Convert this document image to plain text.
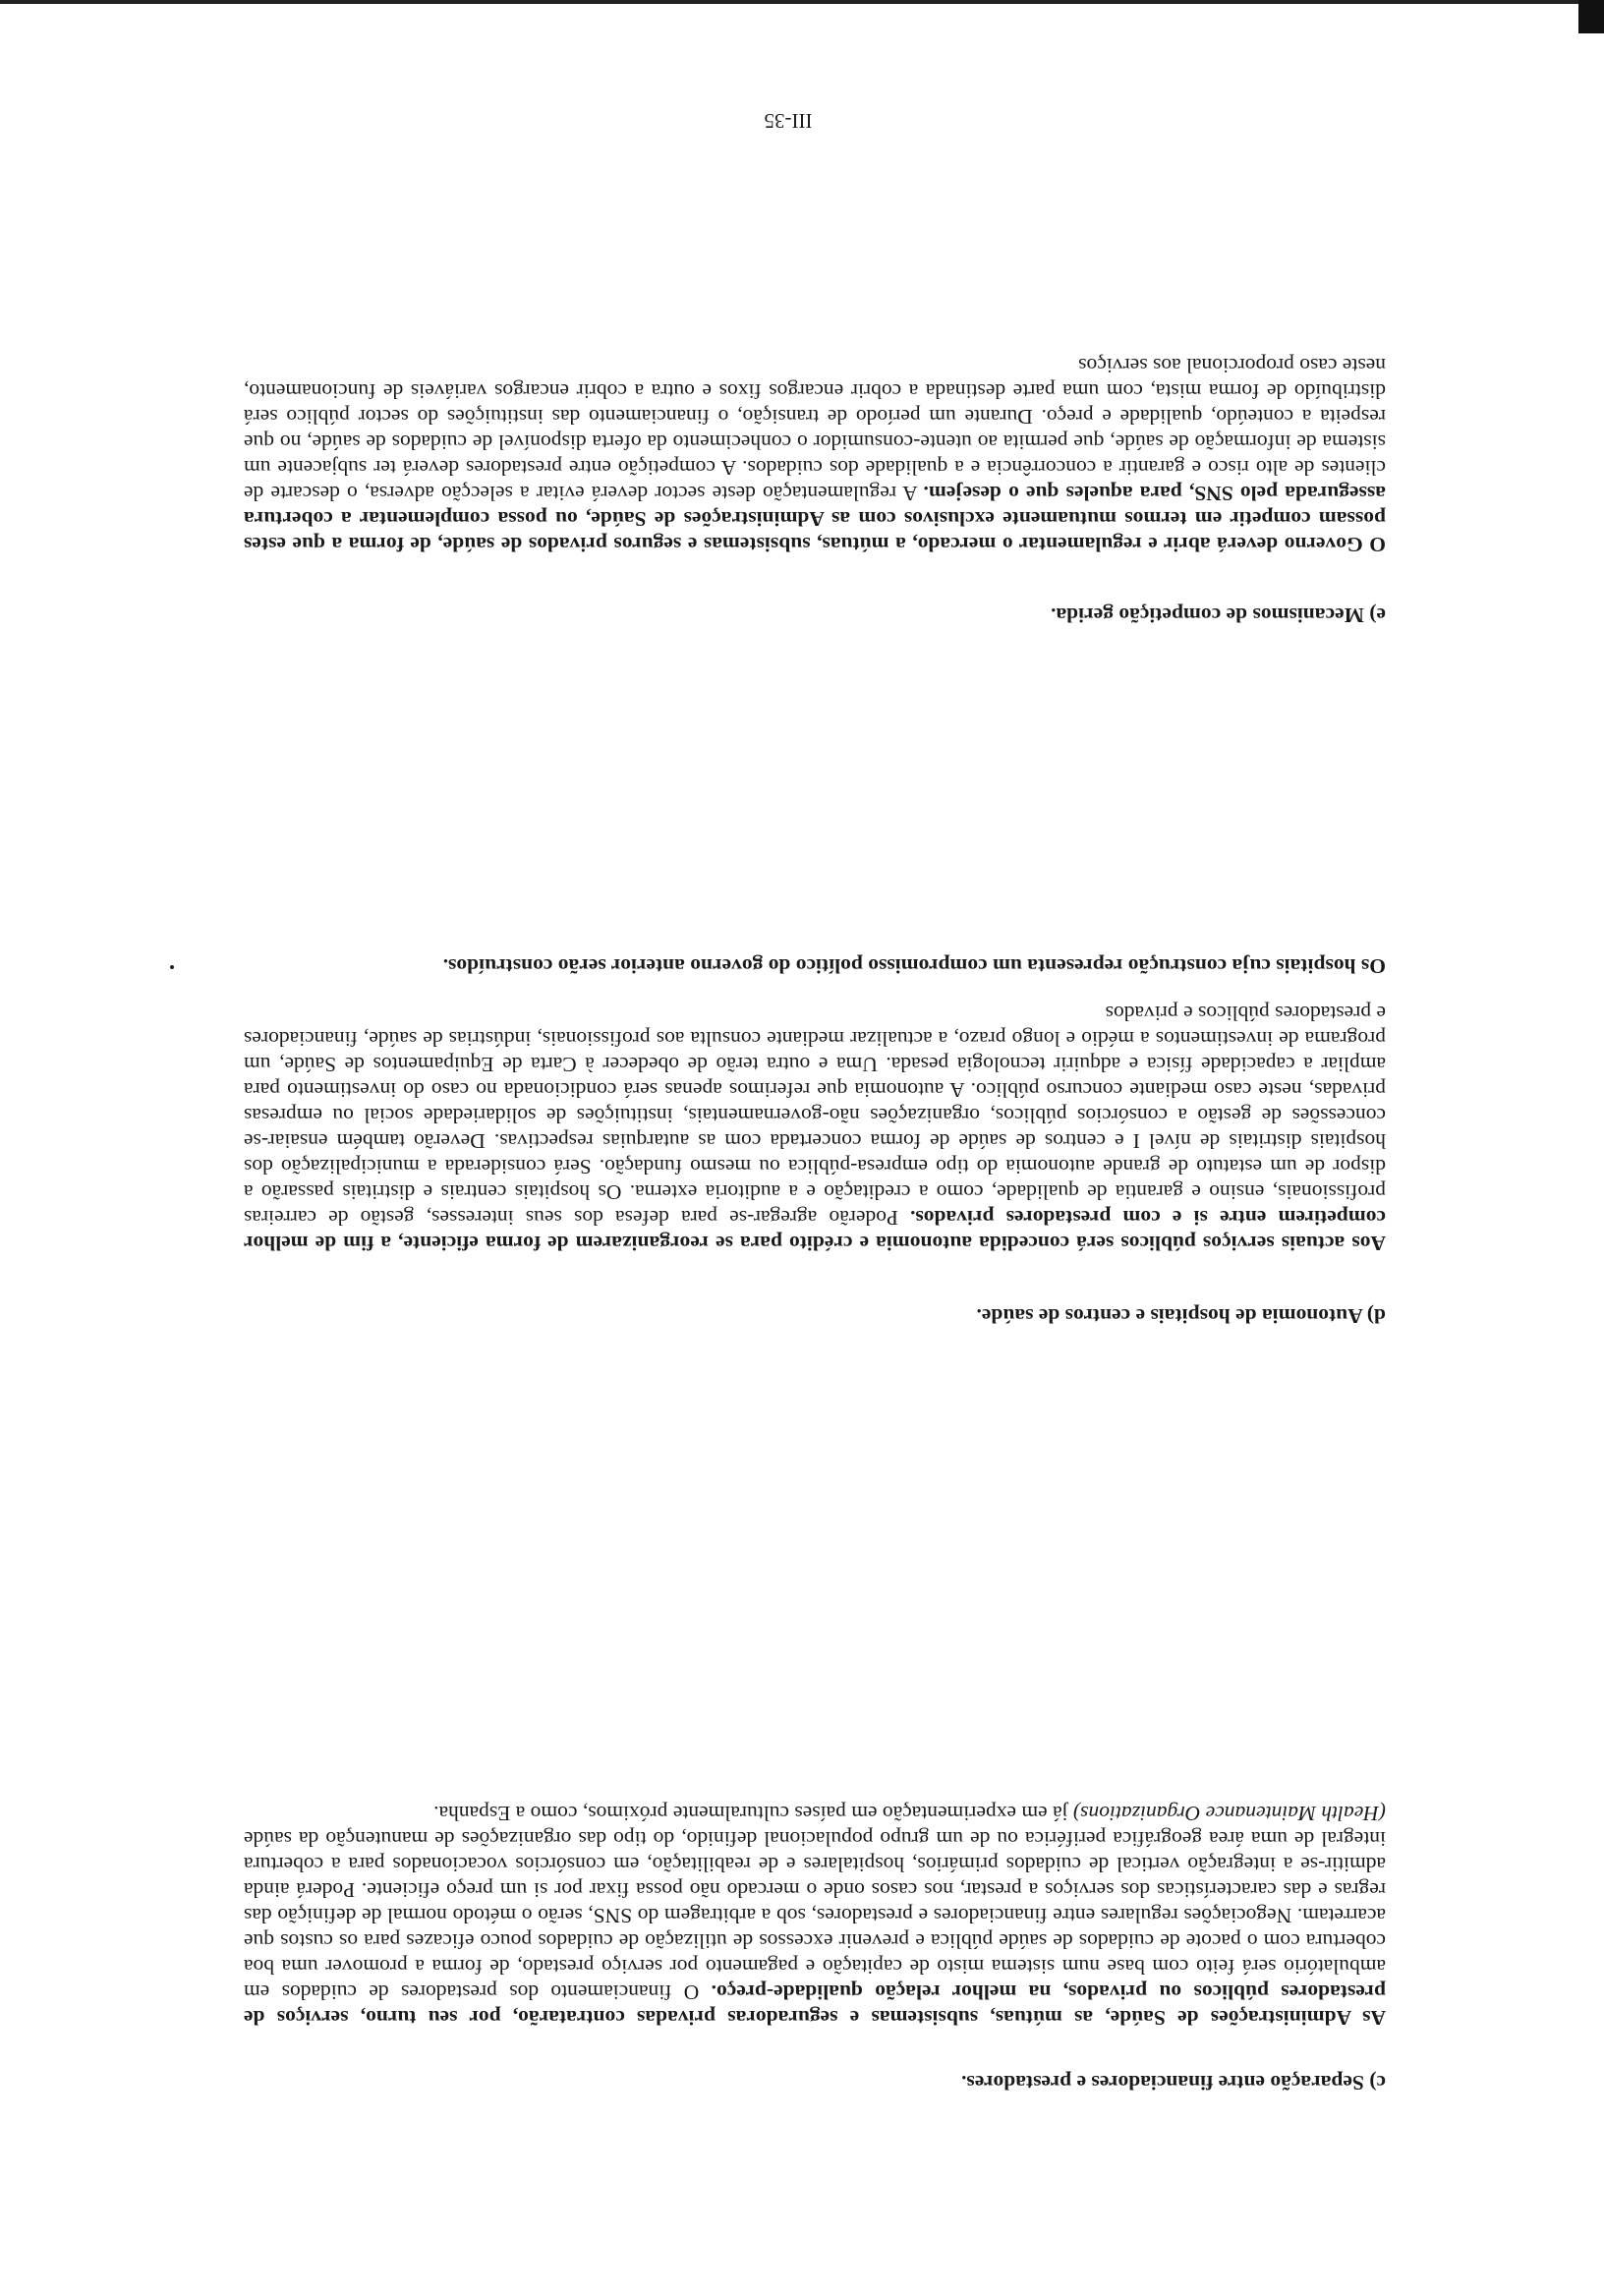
c) Separação entre financiadores e prestadores.

As Administrações de Saúde, as mútuas, subsistemas e seguradoras privadas contratarão, por seu turno, serviços de prestadores públicos ou privados, na melhor relação qualidade-preço. O financiamento dos prestadores de cuidados em ambulatório será feito com base num sistema misto de capitação e pagamento por serviço prestado, de forma a promover uma boa cobertura com o pacote de cuidados de saúde pública e prevenir excessos de utilização de cuidados pouco eficazes para os custos que acarretam. Negociações regulares entre financiadores e prestadores, sob a arbitragem do SNS, serão o método normal de definição das regras e das características dos serviços a prestar, nos casos onde o mercado não possa fixar por si um preço eficiente. Poderá ainda admitir-se a integração vertical de cuidados primários, hospitalares e de reabilitação, em consórcios vocacionados para a cobertura integral de uma área geográfica periférica ou de um grupo populacional definido, do tipo das organizações de manutenção da saúde (Health Maintenance Organizations) já em experimentação em países culturalmente próximos, como a Espanha.

d) Autonomia de hospitais e centros de saúde.

Aos actuais serviços públicos será concedida autonomia e crédito para se reorganizarem de forma eficiente, a fim de melhor competirem entre si e com prestadores privados. Poderão agregar-se para defesa dos seus interesses, gestão de carreiras profissionais, ensino e garantia de qualidade, como a creditação e a auditoria externa. Os hospitais centrais e distritais passarão a dispor de um estatuto de grande autonomia do tipo empresa-pública ou mesmo fundação. Será considerada a municipalização dos hospitais distritais de nível I e centros de saúde de forma concertada com as autarquias respectivas. Deverão também ensaiar-se concessões de gestão a consórcios públicos, organizações não-governamentais, instituições de solidariedade social ou empresas privadas, neste caso mediante concurso público. A autonomia que referimos apenas será condicionada no caso do investimento para ampliar a capacidade física e adquirir tecnologia pesada. Uma e outra terão de obedecer à Carta de Equipamentos de Saúde, um programa de investimentos a médio e longo prazo, a actualizar mediante consulta aos profissionais, indústrias de saúde, financiadores e prestadores públicos e privados

Os hospitais cuja construção representa um compromisso político do governo anterior serão construídos.

e) Mecanismos de competição gerida.

O Governo deverá abrir e regulamentar o mercado, a mútuas, subsistemas e seguros privados de saúde, de forma a que estes possam competir em termos mutuamente exclusivos com as Administrações de Saúde, ou possa complementar a cobertura assegurada pelo SNS, para aqueles que o desejem. A regulamentação deste sector deverá evitar a selecção adversa, o descarte de clientes de alto risco e garantir a concorrência e a qualidade dos cuidados. A competição entre prestadores deverá ter subjacente um sistema de informação de saúde, que permita ao utente-consumidor o conhecimento da oferta disponível de cuidados de saúde, no que respeita a conteúdo, qualidade e preço. Durante um período de transição, o financiamento das instituições do sector público será distribuído de forma mista, com uma parte destinada a cobrir encargos fixos e outra a cobrir encargos variáveis de funcionamento, neste caso proporcional aos serviços

III-35
